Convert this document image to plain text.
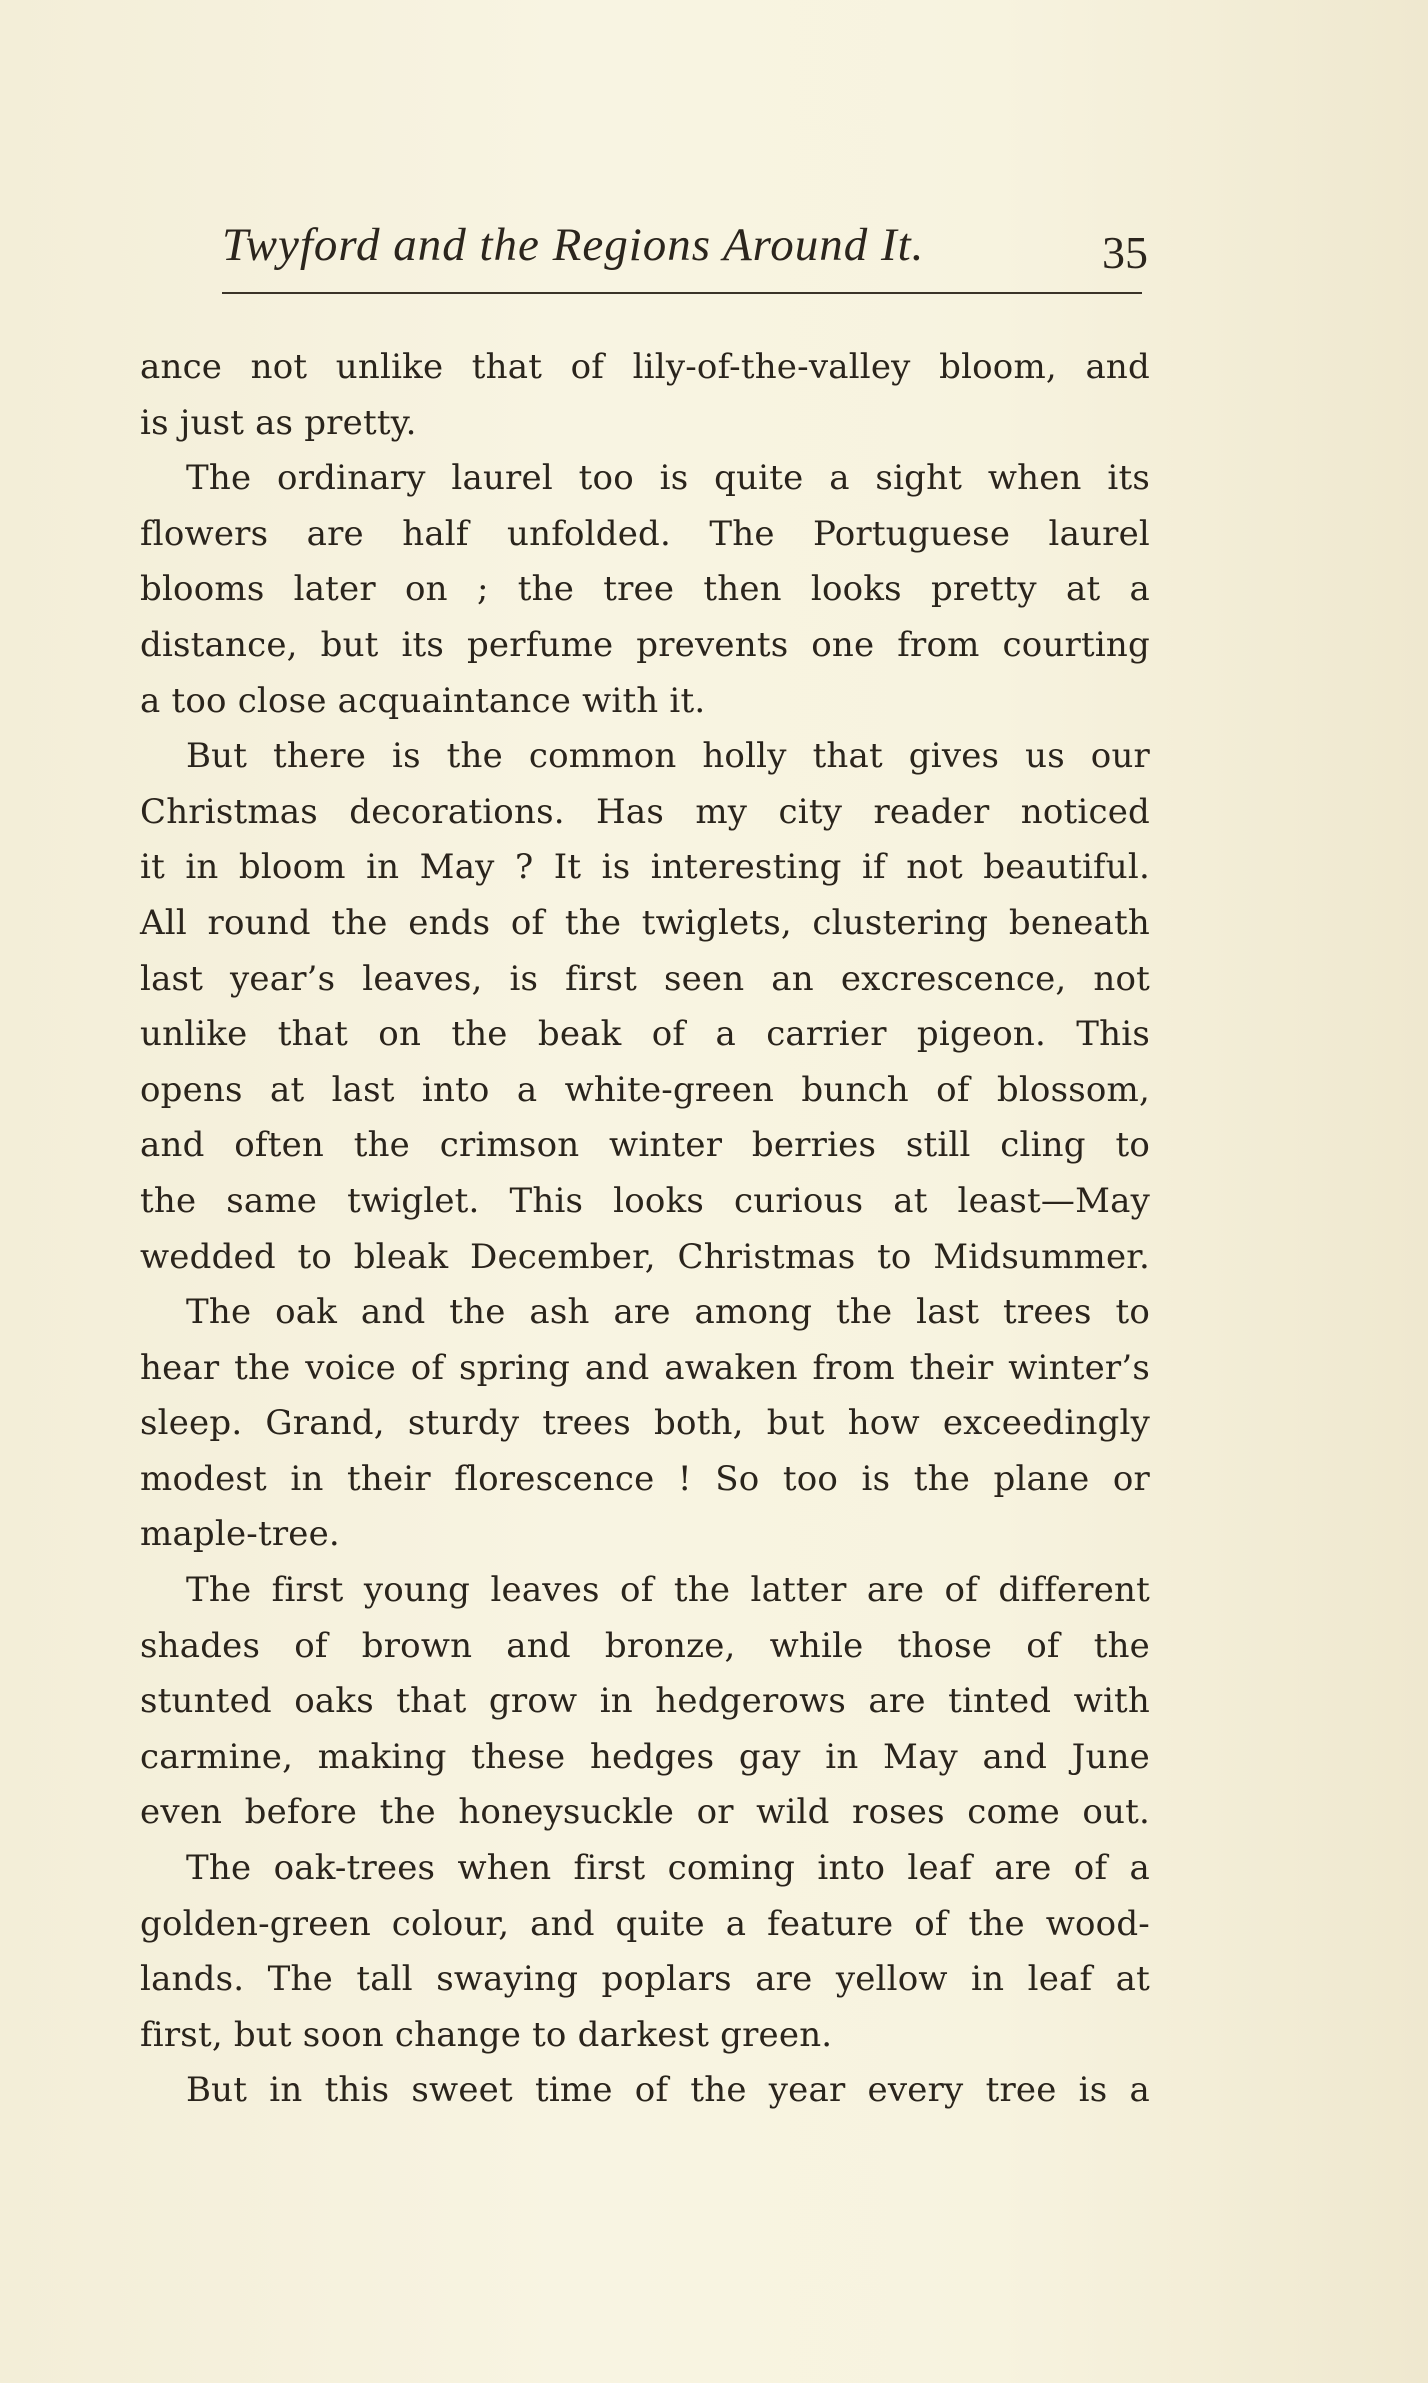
Twyford and the Regions Around It.	35
ance not unlike that of lily-of-the-valley bloom, and
is just as pretty.
The ordinary laurel too is quite a sight when its
flowers are half unfolded. The Portuguese laurel
blooms later on ; the tree then looks pretty at a
distance, but its perfume prevents one from courting
a too close acquaintance with it.
But there is the common holly that gives us our
Christmas decorations. Has my city reader noticed
it in bloom in May ? It is interesting if not beautiful.
All round the ends of the twiglets, clustering beneath
last year’s leaves, is first seen an excrescence, not
unlike that on the beak of a carrier pigeon. This
opens at last into a white-green bunch of blossom,
and often the crimson winter berries still cling to
the same twiglet. This looks curious at least—May
wedded to bleak December, Christmas to Midsummer.
The oak and the ash are among the last trees to
hear the voice of spring and awaken from their winter’s
sleep. Grand, sturdy trees both, but how exceedingly
modest in their florescence ! So too is the plane or
maple-tree.
The first young leaves of the latter are of different
shades of brown and bronze, while those of the
stunted oaks that grow in hedgerows are tinted with
carmine, making these hedges gay in May and June
even before the honeysuckle or wild roses come out.
The oak-trees when first coming into leaf are of a
golden-green colour, and quite a feature of the wood-
lands. The tall swaying poplars are yellow in leaf at
first, but soon change to darkest green.
But in this sweet time of the year every tree is a
